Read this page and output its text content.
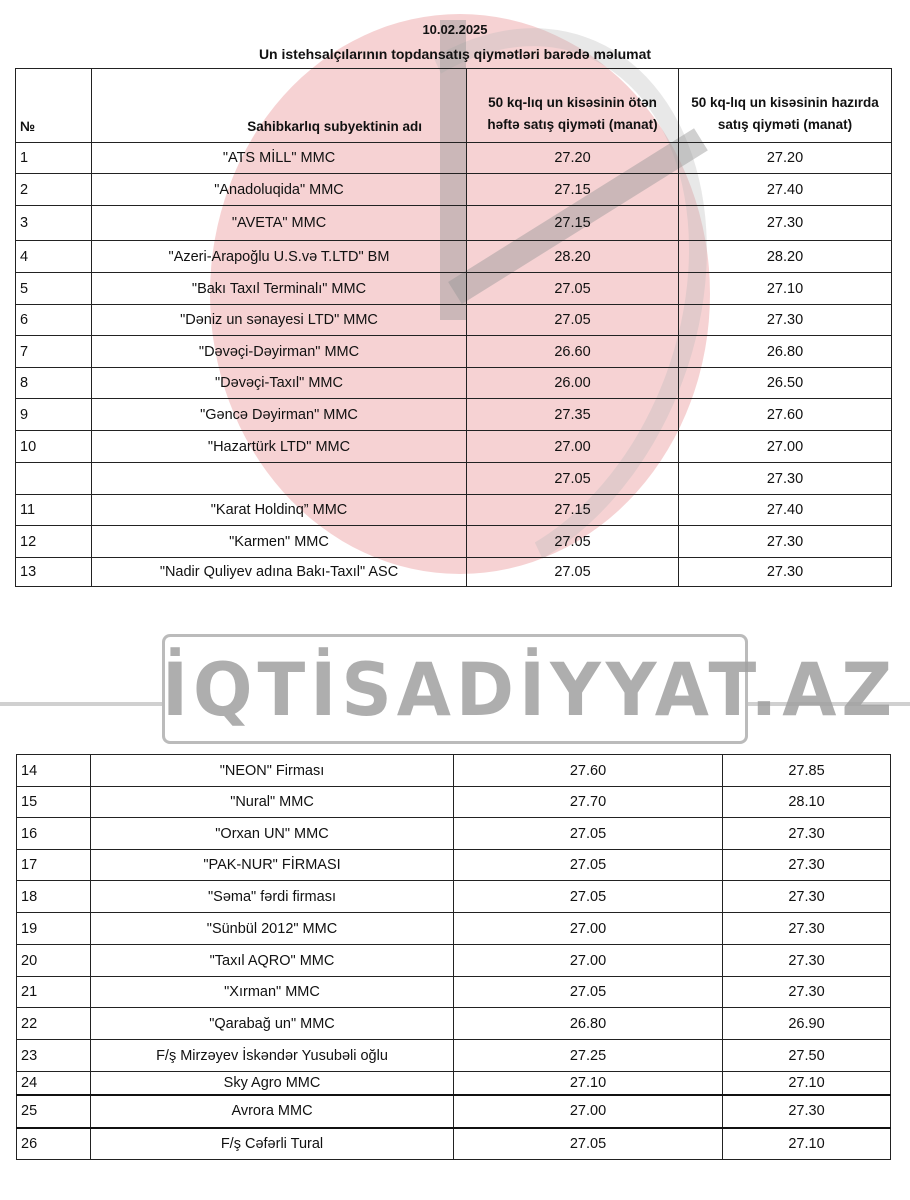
10.02.2025
Un istehsalçılarının topdansatış qiymətləri barədə məlumat
№	Sahibkarlıq subyektinin adı	50 kq-lıq un kisəsinin ötən həftə satış qiyməti (manat)	50 kq-lıq un kisəsinin hazırda satış qiyməti (manat)
1	"ATS MİLL" MMC	27.20	27.20
2	"Anadoluqida" MMC	27.15	27.40
3	"AVETA" MMC	27.15	27.30
4	"Azeri-Arapoğlu U.S.və T.LTD" BM	28.20	28.20
5	"Bakı Taxıl Terminalı" MMC	27.05	27.10
6	"Dəniz un sənayesi LTD" MMC	27.05	27.30
7	"Dəvəçi-Dəyirman" MMC	26.60	26.80
8	"Dəvəçi-Taxıl" MMC	26.00	26.50
9	"Gəncə Dəyirman" MMC	27.35	27.60
10	"Hazartürk LTD" MMC	27.00	27.00
		27.05	27.30
11	"Karat Holdinq” MMC	27.15	27.40
12	"Karmen" MMC	27.05	27.30
13	"Nadir Quliyev adına Bakı-Taxıl" ASC	27.05	27.30
İQTİSADİYYAT.AZ
14	"NEON" Firması	27.60	27.85
15	"Nural" MMC	27.70	28.10
16	"Orxan UN" MMC	27.05	27.30
17	"PAK-NUR" FİRMASI	27.05	27.30
18	"Səma" fərdi firması	27.05	27.30
19	"Sünbül 2012" MMC	27.00	27.30
20	"Taxıl AQRO" MMC	27.00	27.30
21	"Xırman" MMC	27.05	27.30
22	"Qarabağ un" MMC	26.80	26.90
23	F/ş Mirzəyev İskəndər Yusubəli oğlu	27.25	27.50
24	Sky Agro MMC	27.10	27.10
25	Avrora MMC	27.00	27.30
26	F/ş Cəfərli Tural	27.05	27.10
